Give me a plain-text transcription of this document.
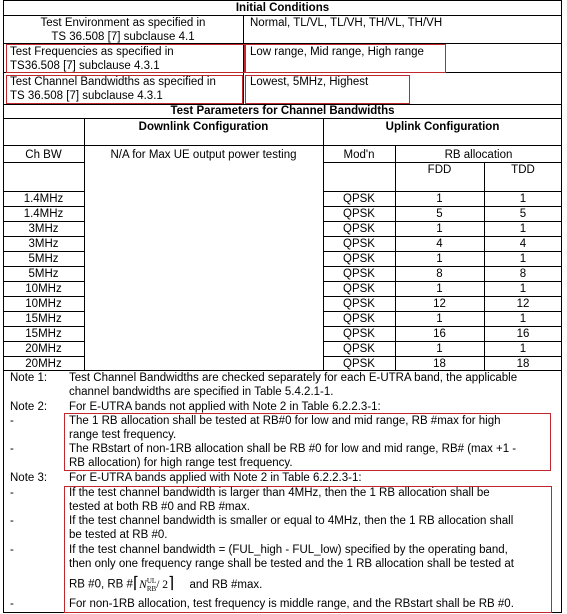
Initial Conditions
Test Environment as specified in
TS 36.508 [7] subclause 4.1
Normal, TL/VL, TL/VH, TH/VL, TH/VH
Test Frequencies as specified in
TS36.508 [7] subclause 4.3.1
Low range, Mid range, High range
Test Channel Bandwidths as specified in
TS 36.508 [7] subclause 4.3.1
Lowest, 5MHz, Highest
Test Parameters for Channel Bandwidths
Downlink Configuration	Uplink Configuration
Ch BW	N/A for Max UE output power testing	Mod'n	RB allocation
FDD	TDD
1.4MHz	QPSK	1	1
1.4MHz	QPSK	5	5
3MHz	QPSK	1	1
3MHz	QPSK	4	4
5MHz	QPSK	1	1
5MHz	QPSK	8	8
10MHz	QPSK	1	1
10MHz	QPSK	12	12
15MHz	QPSK	1	1
15MHz	QPSK	16	16
20MHz	QPSK	1	1
20MHz	QPSK	18	18
Note 1: Test Channel Bandwidths are checked separately for each E-UTRA band, the applicable
channel bandwidths are specified in Table 5.4.2.1-1.
Note 2: For E-UTRA bands not applied with Note 2 in Table 6.2.2.3-1:
-	The 1 RB allocation shall be tested at RB#0 for low and mid range, RB #max for high
range test frequency.
-	The RBstart of non-1RB allocation shall be RB #0 for low and mid range, RB# (max +1 -
RB allocation) for high range test frequency.
Note 3: For E-UTRA bands applied with Note 2 in Table 6.2.2.3-1:
-	If the test channel bandwidth is larger than 4MHz, then the 1 RB allocation shall be
tested at both RB #0 and RB #max.
-	If the test channel bandwidth is smaller or equal to 4MHz, then the 1 RB allocation shall
be tested at RB #0.
-	If the test channel bandwidth = (FUL_high - FUL_low) specified by the operating band,
then only one frequency range shall be tested and the 1 RB allocation shall be tested at
RB #0, RB #⌈N UL
RB / 2⌉ and RB #max.
-	For non-1RB allocation, test frequency is middle range, and the RBstart shall be RB #0.
